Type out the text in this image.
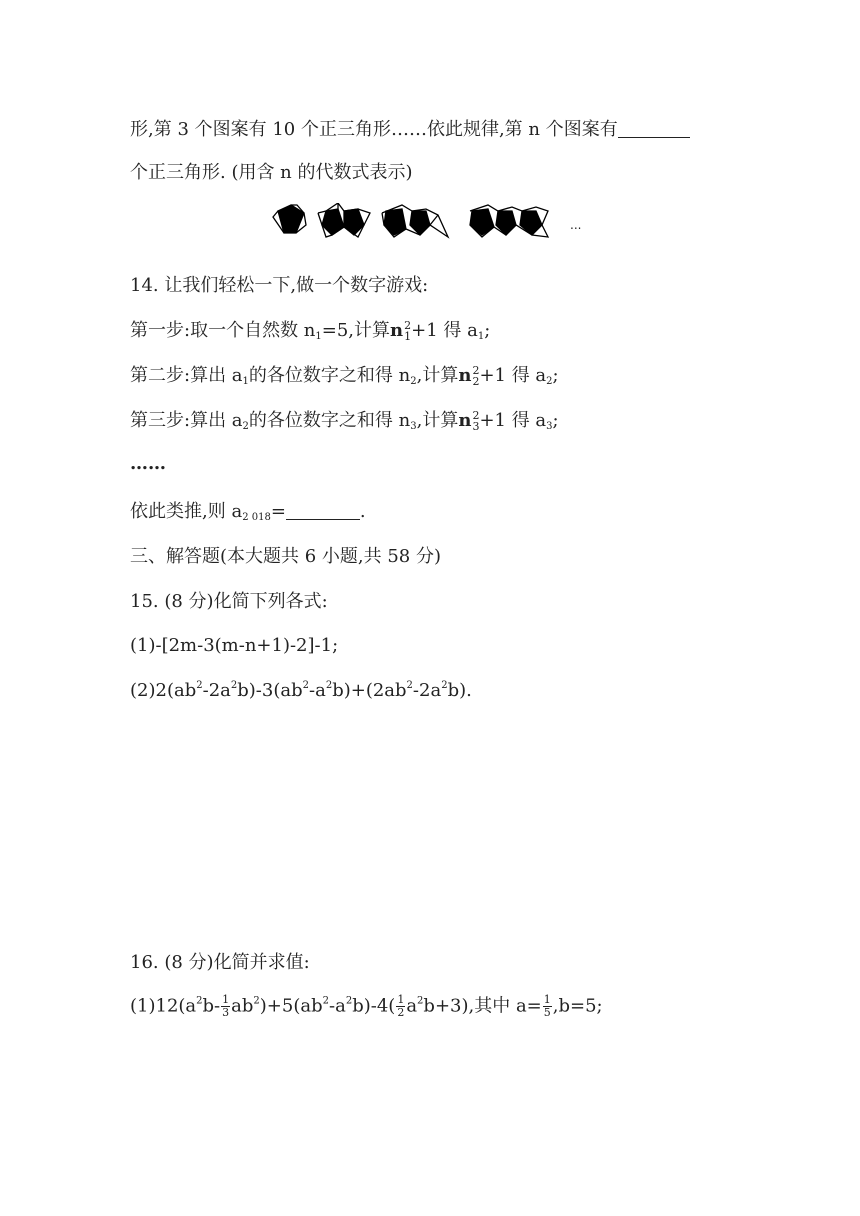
形,第 3 个图案有 10 个正三角形……依此规律,第 n 个图案有
个正三角形. (用含 n 的代数式表示)
...
14. 让我们轻松一下,做一个数字游戏:
第一步:取一个自然数 $n_1=5$,计算n 2
1 +1 得 $a_1$;
第二步:算出 $a_1$的各位数字之和得 $n_2$,计算n 2
2 +1 得 $a_2$;
第三步:算出 $a_2$的各位数字之和得 $n_3$,计算n 2
3 +1 得 $a_3$;
……
依此类推,则 $a_{2 018}=$	.
三、解答题(本大题共 6 小题,共 58 分)
15. (8 分)化简下列各式:
(1)-[2m-3(m-n+1)-2]-1;
$(2)2(ab^2-2a^2b)-3(ab^2-a^2b)+(2ab^2-2a^2b)$.
16. (8 分)化简并求值:
$(1)12(a^2b- \frac{1}{3} ab^2)+5(ab^2-a^2b)-4( \frac{1}{2} a^2b+3)$,其中 $a= \frac{1}{5} ,b=5$;
